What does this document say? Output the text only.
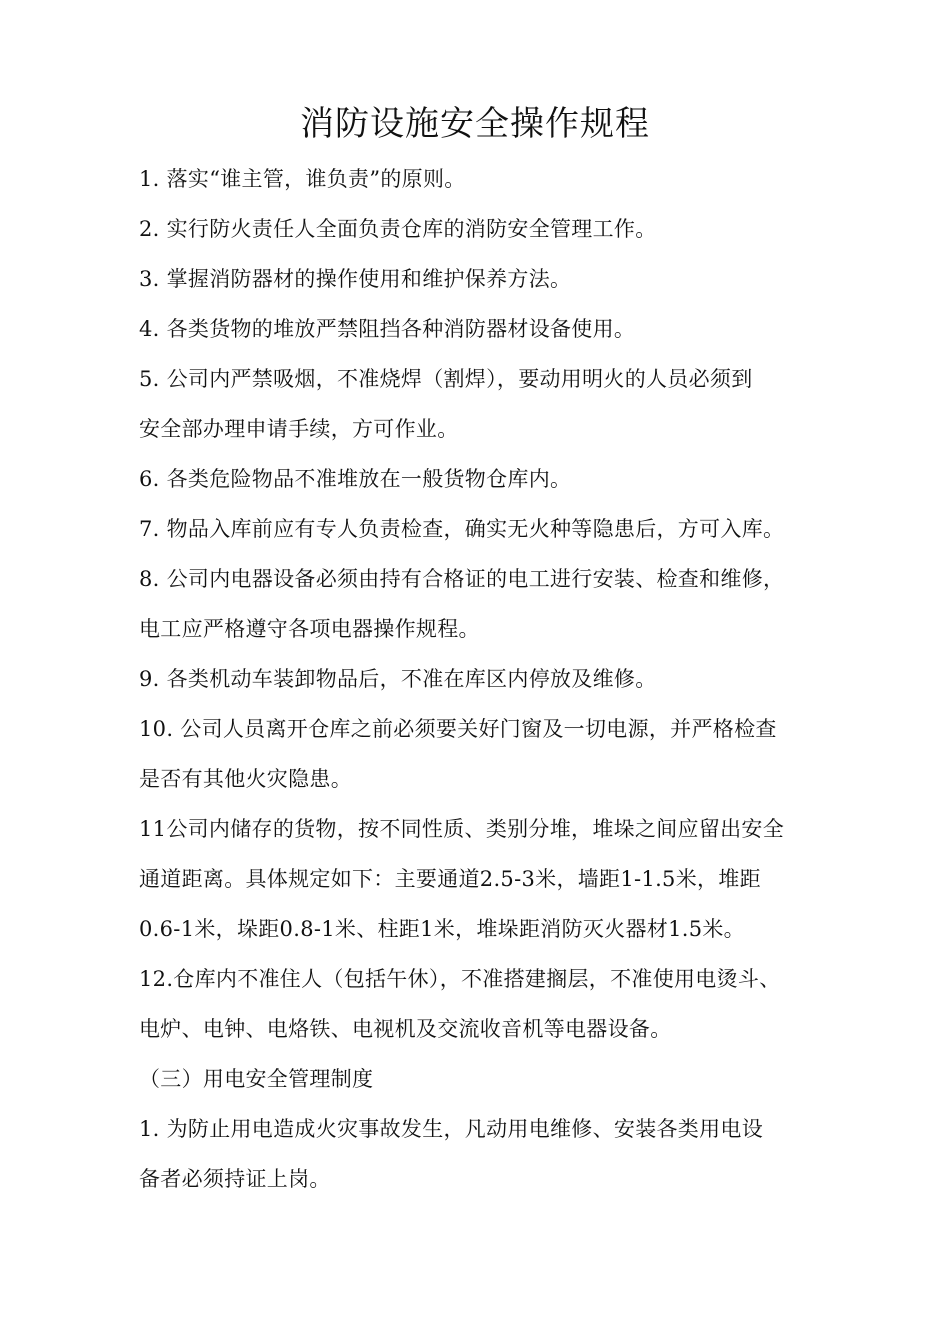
消防设施安全操作规程
1. 落实“谁主管，谁负责”的原则。
2. 实行防火责任人全面负责仓库的消防安全管理工作。
3. 掌握消防器材的操作使用和维护保养方法。
4. 各类货物的堆放严禁阻挡各种消防器材设备使用。
5. 公司内严禁吸烟，不准烧焊（割焊），要动用明火的人员必须到
安全部办理申请手续，方可作业。
6. 各类危险物品不准堆放在一般货物仓库内。
7. 物品入库前应有专人负责检查，确实无火种等隐患后，方可入库。
8. 公司内电器设备必须由持有合格证的电工进行安装、检查和维修，
电工应严格遵守各项电器操作规程。
9. 各类机动车装卸物品后，不准在库区内停放及维修。
10. 公司人员离开仓库之前必须要关好门窗及一切电源，并严格检查
是否有其他火灾隐患。
11公司内储存的货物，按不同性质、类别分堆，堆垛之间应留出安全
通道距离。具体规定如下：主要通道2.5-3米，墙距1-1.5米，堆距
0.6-1米，垛距0.8-1米、柱距1米，堆垛距消防灭火器材1.5米。
12.仓库内不准住人（包括午休），不准搭建搁层，不准使用电烫斗、
电炉、电钟、电烙铁、电视机及交流收音机等电器设备。
（三）用电安全管理制度
1. 为防止用电造成火灾事故发生，凡动用电维修、安装各类用电设
备者必须持证上岗。
